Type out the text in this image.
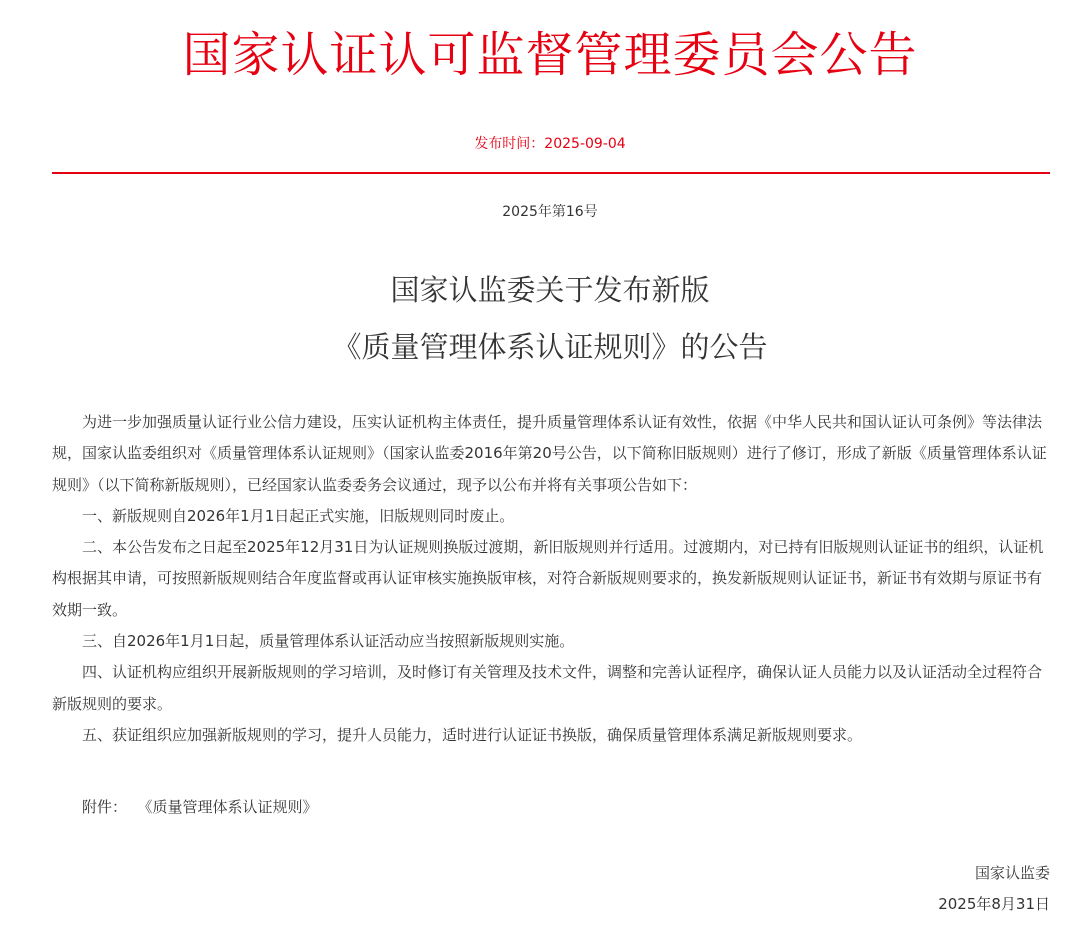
国家认证认可监督管理委员会公告
发布时间：2025-09-04
2025年第16号
国家认监委关于发布新版
《质量管理体系认证规则》的公告

为进一步加强质量认证行业公信力建设，压实认证机构主体责任，提升质量管理体系认证有效性，依据《中华人民共和国认证认可条例》等法律法规，国家认监委组织对《质量管理体系认证规则》（国家认监委2016年第20号公告，以下简称旧版规则）进行了修订，形成了新版《质量管理体系认证规则》（以下简称新版规则），已经国家认监委委务会议通过，现予以公布并将有关事项公告如下：

一、新版规则自2026年1月1日起正式实施，旧版规则同时废止。

二、本公告发布之日起至2025年12月31日为认证规则换版过渡期，新旧版规则并行适用。过渡期内，对已持有旧版规则认证证书的组织，认证机构根据其申请，可按照新版规则结合年度监督或再认证审核实施换版审核，对符合新版规则要求的，换发新版规则认证证书，新证书有效期与原证书有效期一致。

三、自2026年1月1日起，质量管理体系认证活动应当按照新版规则实施。

四、认证机构应组织开展新版规则的学习培训，及时修订有关管理及技术文件，调整和完善认证程序，确保认证人员能力以及认证活动全过程符合新版规则的要求。

五、获证组织应加强新版规则的学习，提升人员能力，适时进行认证证书换版，确保质量管理体系满足新版规则要求。

附件： 《质量管理体系认证规则》
国家认监委
2025年8月31日
